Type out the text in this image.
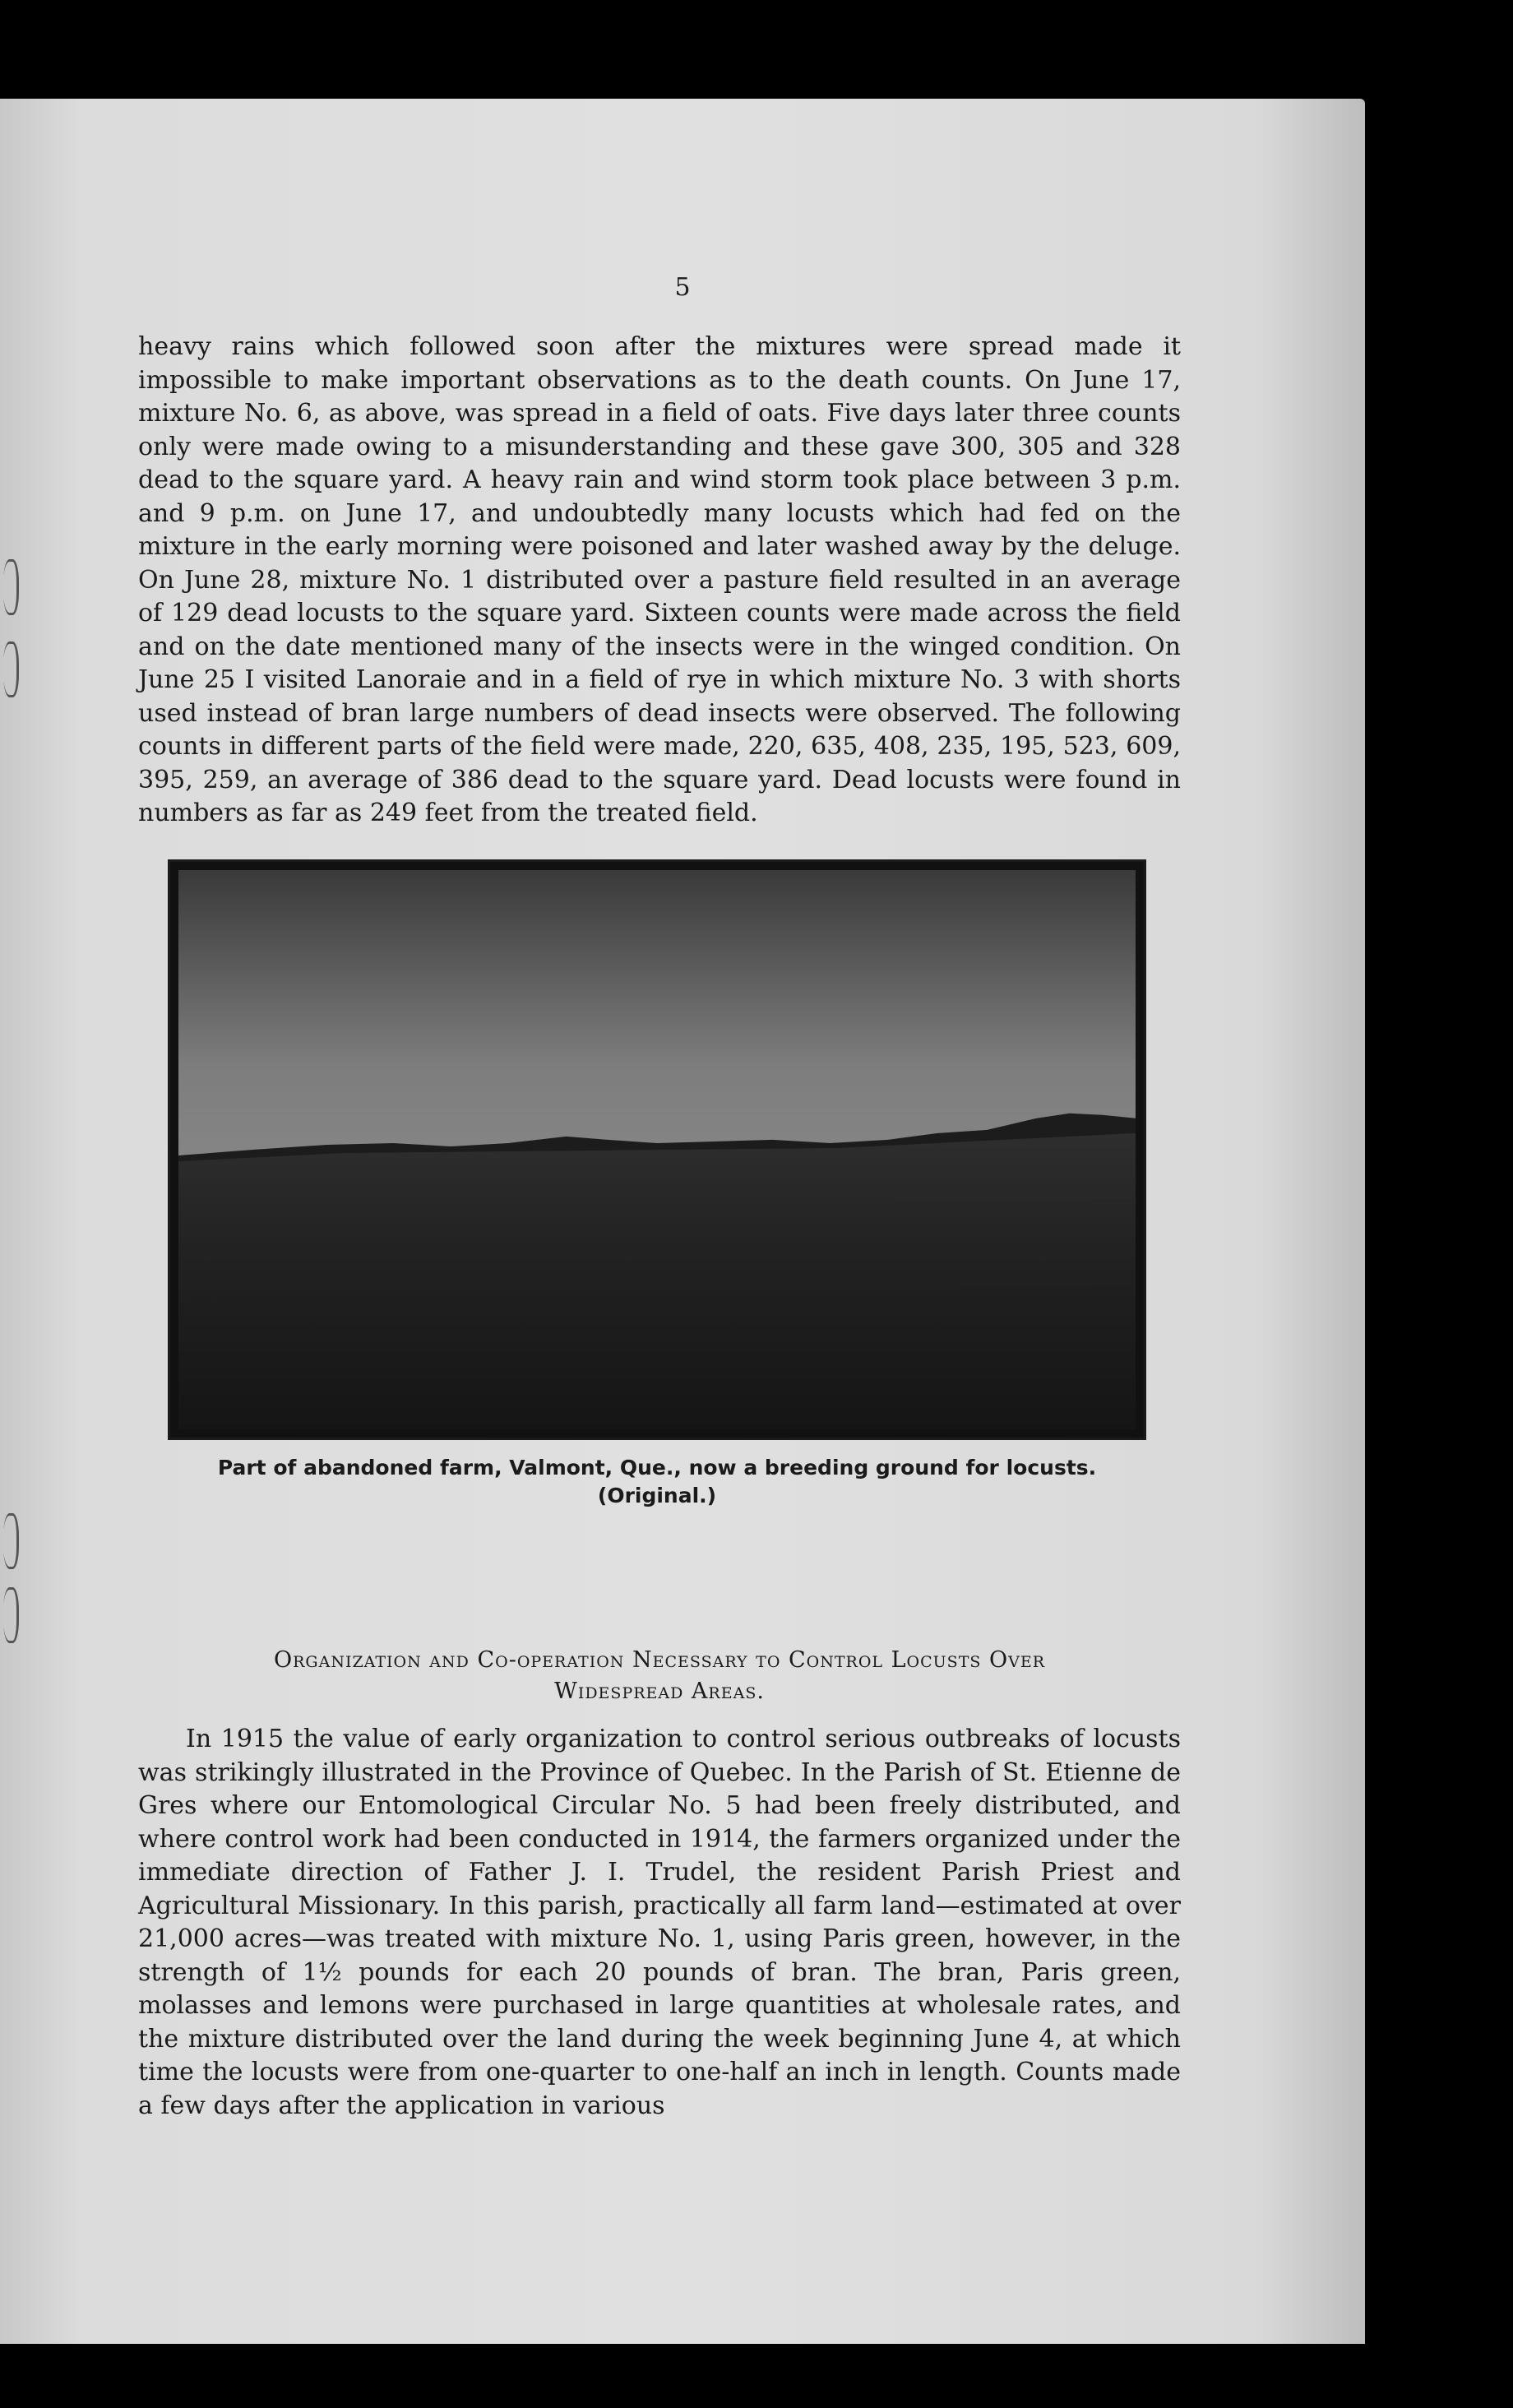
5

heavy rains which followed soon after the mixtures were spread made it impossible to make important observations as to the death counts. On June 17, mixture No. 6, as above, was spread in a field of oats. Five days later three counts only were made owing to a misunderstanding and these gave 300, 305 and 328 dead to the square yard. A heavy rain and wind storm took place between 3 p.m. and 9 p.m. on June 17, and undoubtedly many locusts which had fed on the mixture in the early morning were poisoned and later washed away by the deluge. On June 28, mixture No. 1 distributed over a pasture field resulted in an average of 129 dead locusts to the square yard. Sixteen counts were made across the field and on the date mentioned many of the insects were in the winged condition. On June 25 I visited Lanoraie and in a field of rye in which mixture No. 3 with shorts used instead of bran large numbers of dead insects were observed. The following counts in different parts of the field were made, 220, 635, 408, 235, 195, 523, 609, 395, 259, an average of 386 dead to the square yard. Dead locusts were found in numbers as far as 249 feet from the treated field.

Part of abandoned farm, Valmont, Que., now a breeding ground for locusts.
(Original.)
Organization and Co-operation Necessary to Control Locusts Over
Widespread Areas.

In 1915 the value of early organization to control serious outbreaks of locusts was strikingly illustrated in the Province of Quebec. In the Parish of St. Etienne de Gres where our Entomological Circular No. 5 had been freely distributed, and where control work had been conducted in 1914, the farmers organized under the immediate direction of Father J. I. Trudel, the resident Parish Priest and Agricultural Missionary. In this parish, practically all farm land—estimated at over 21,000 acres—was treated with mixture No. 1, using Paris green, however, in the strength of 1½ pounds for each 20 pounds of bran. The bran, Paris green, molasses and lemons were purchased in large quantities at wholesale rates, and the mixture distributed over the land during the week beginning June 4, at which time the locusts were from one-quarter to one-half an inch in length. Counts made a few days after the application in various
